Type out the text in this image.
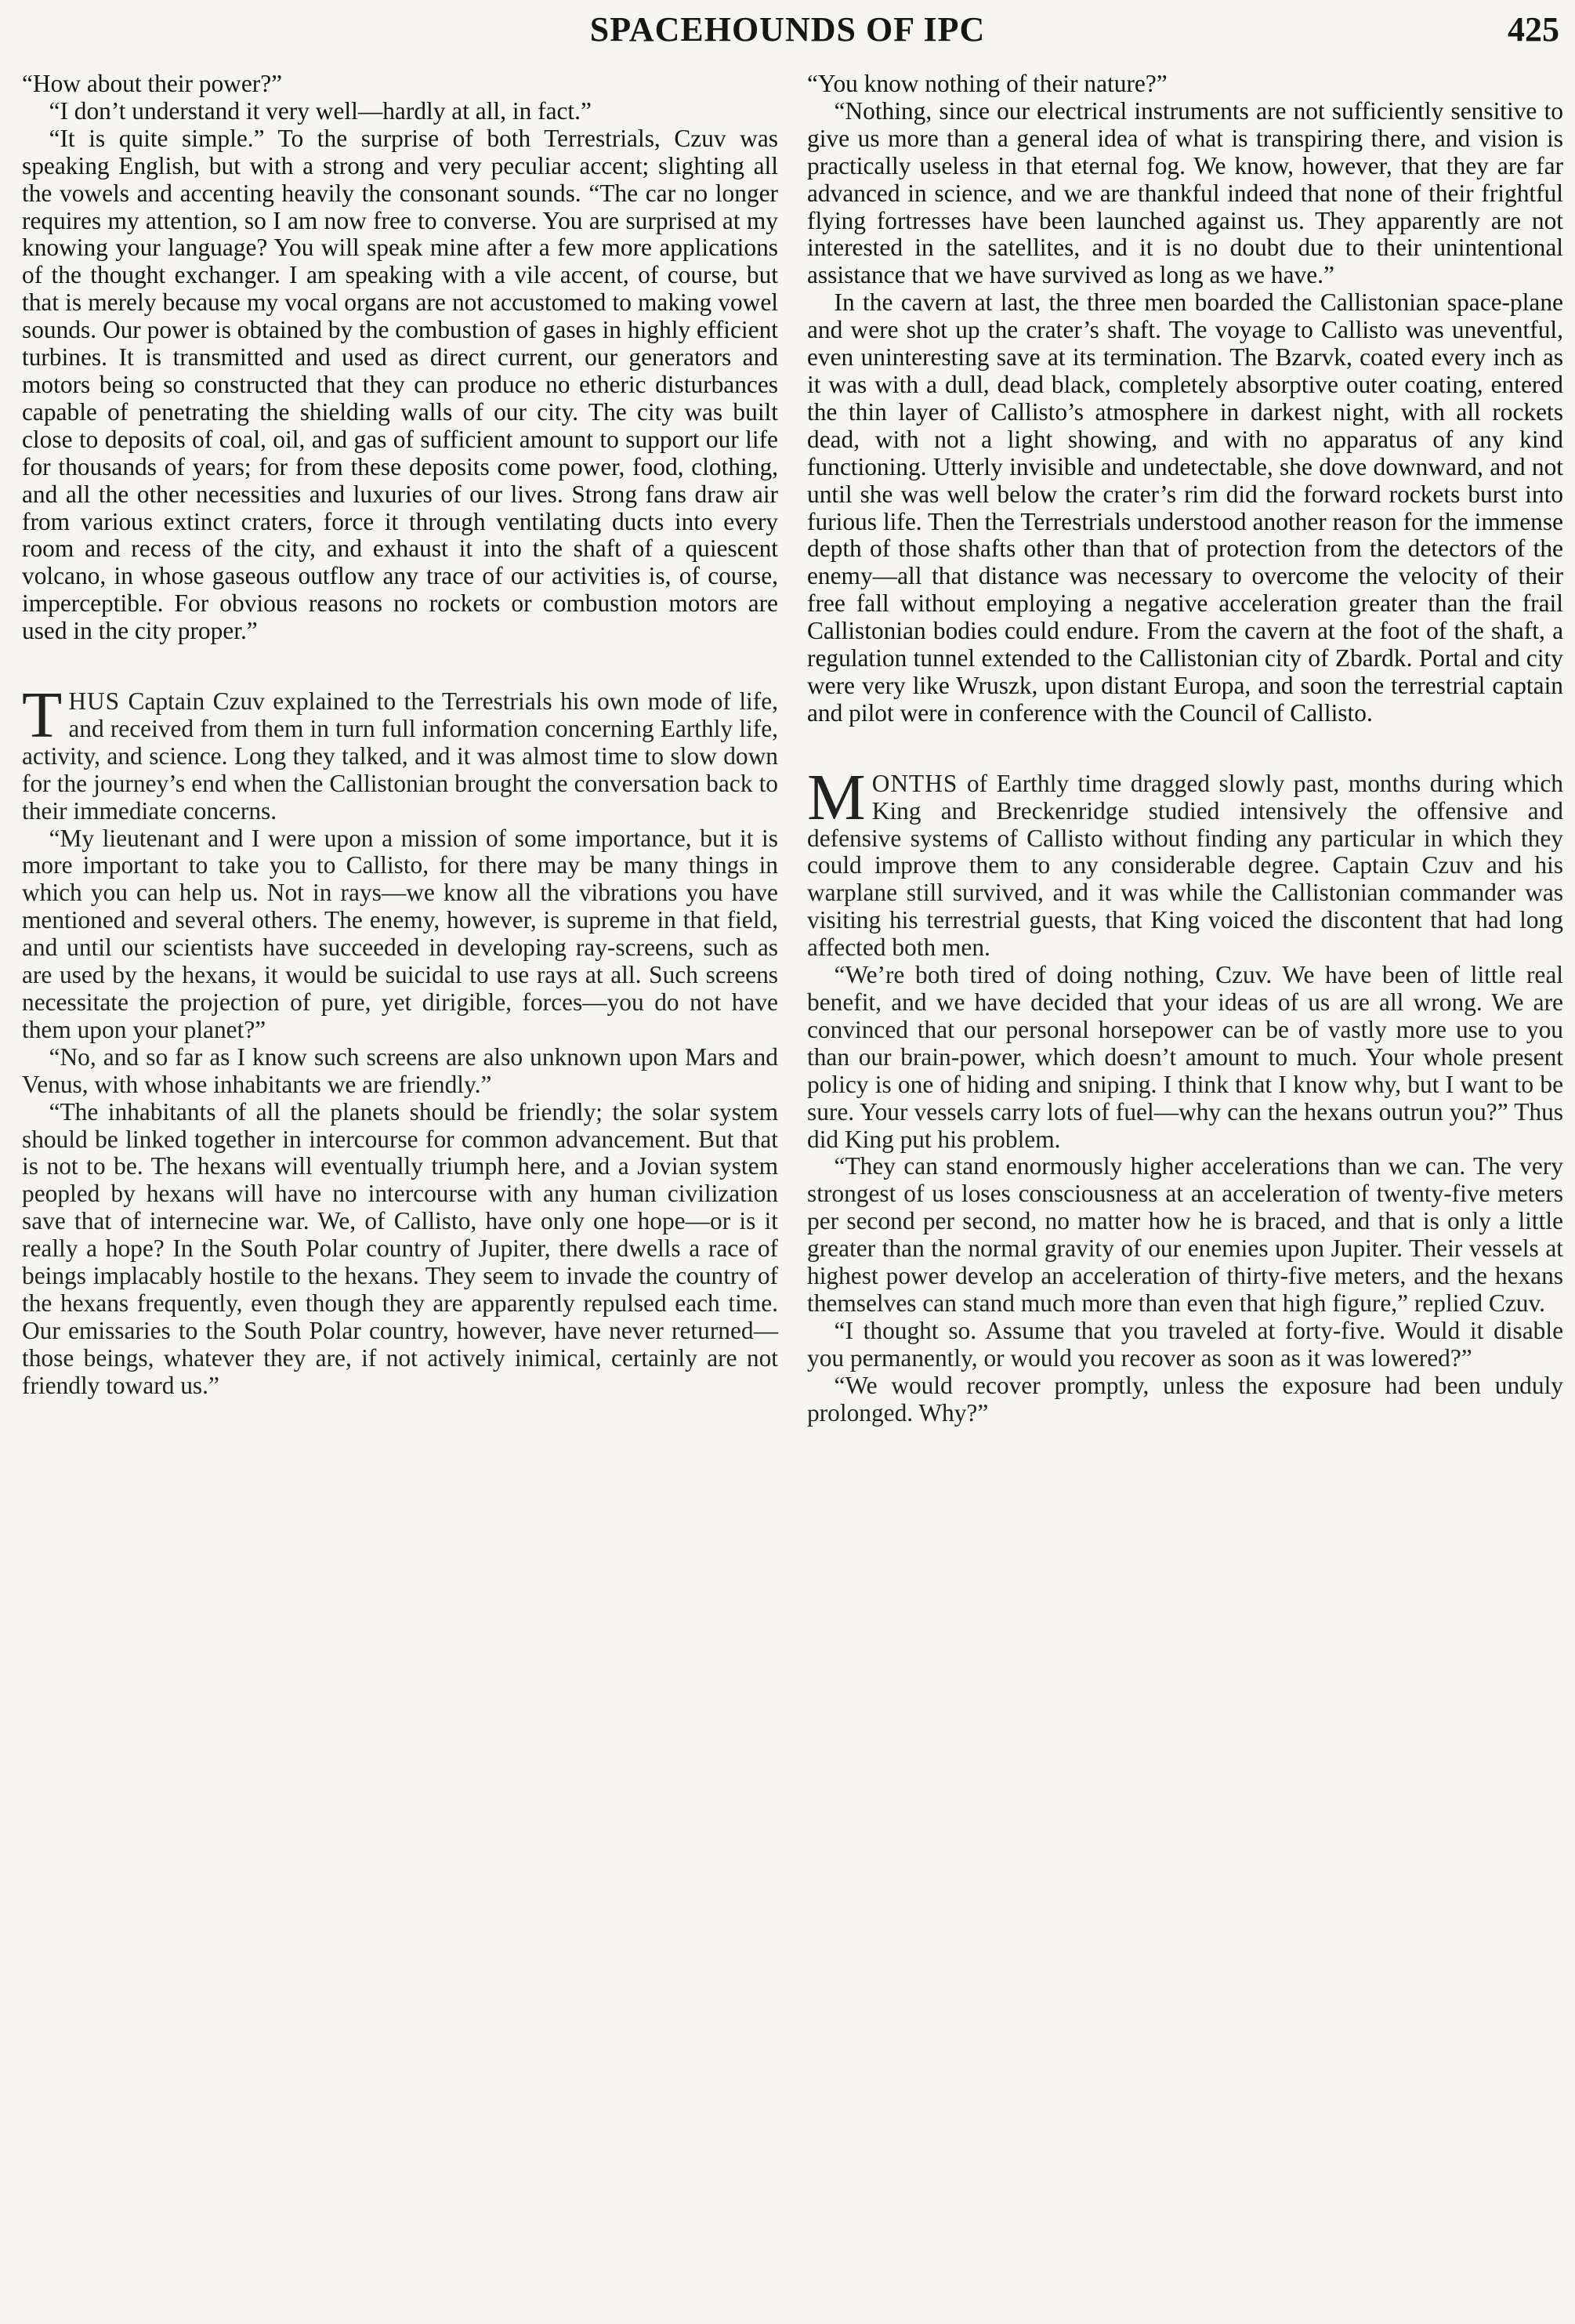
SPACEHOUNDS OF IPC	425

“How about their power?”

“I don’t understand it very well—hardly at all, in fact.”

“It is quite simple.” To the surprise of both Terrestrials, Czuv was speaking English, but with a strong and very peculiar accent; slighting all the vowels and accenting heavily the consonant sounds. “The car no longer requires my attention, so I am now free to converse. You are surprised at my knowing your language? You will speak mine after a few more applications of the thought exchanger. I am speaking with a vile accent, of course, but that is merely because my vocal organs are not accustomed to making vowel sounds. Our power is obtained by the combustion of gases in highly efficient turbines. It is transmitted and used as direct current, our generators and motors being so constructed that they can produce no etheric disturbances capable of penetrating the shielding walls of our city. The city was built close to deposits of coal, oil, and gas of sufficient amount to support our life for thousands of years; for from these deposits come power, food, clothing, and all the other necessities and luxuries of our lives. Strong fans draw air from various extinct craters, force it through ventilating ducts into every room and recess of the city, and exhaust it into the shaft of a quiescent volcano, in whose gaseous outflow any trace of our activities is, of course, imperceptible. For obvious reasons no rockets or combustion motors are used in the city proper.”

THUS Captain Czuv explained to the Terrestrials his own mode of life, and received from them in turn full information concerning Earthly life, activity, and science. Long they talked, and it was almost time to slow down for the journey’s end when the Callistonian brought the conversation back to their immediate concerns.

“My lieutenant and I were upon a mission of some importance, but it is more important to take you to Callisto, for there may be many things in which you can help us. Not in rays—we know all the vibrations you have mentioned and several others. The enemy, however, is supreme in that field, and until our scientists have succeeded in developing ray-screens, such as are used by the hexans, it would be suicidal to use rays at all. Such screens necessitate the projection of pure, yet dirigible, forces—you do not have them upon your planet?”

“No, and so far as I know such screens are also unknown upon Mars and Venus, with whose inhabitants we are friendly.”

“The inhabitants of all the planets should be friendly; the solar system should be linked together in intercourse for common advancement. But that is not to be. The hexans will eventually triumph here, and a Jovian system peopled by hexans will have no intercourse with any human civilization save that of internecine war. We, of Callisto, have only one hope—or is it really a hope? In the South Polar country of Jupiter, there dwells a race of beings implacably hostile to the hexans. They seem to invade the country of the hexans frequently, even though they are apparently repulsed each time. Our emissaries to the South Polar country, however, have never returned—those beings, whatever they are, if not actively inimical, certainly are not friendly toward us.”

“You know nothing of their nature?”

“Nothing, since our electrical instruments are not sufficiently sensitive to give us more than a general idea of what is transpiring there, and vision is practically useless in that eternal fog. We know, however, that they are far advanced in science, and we are thankful indeed that none of their frightful flying fortresses have been launched against us. They apparently are not interested in the satellites, and it is no doubt due to their unintentional assistance that we have survived as long as we have.”

In the cavern at last, the three men boarded the Callistonian space-plane and were shot up the crater’s shaft. The voyage to Callisto was uneventful, even uninteresting save at its termination. The Bzarvk, coated every inch as it was with a dull, dead black, completely absorptive outer coating, entered the thin layer of Callisto’s atmosphere in darkest night, with all rockets dead, with not a light showing, and with no apparatus of any kind functioning. Utterly invisible and undetectable, she dove downward, and not until she was well below the crater’s rim did the forward rockets burst into furious life. Then the Terrestrials understood another reason for the immense depth of those shafts other than that of protection from the detectors of the enemy—all that distance was necessary to overcome the velocity of their free fall without employing a negative acceleration greater than the frail Callistonian bodies could endure. From the cavern at the foot of the shaft, a regulation tunnel extended to the Callistonian city of Zbardk. Portal and city were very like Wruszk, upon distant Europa, and soon the terrestrial captain and pilot were in conference with the Council of Callisto.

MONTHS of Earthly time dragged slowly past, months during which King and Breckenridge studied intensively the offensive and defensive systems of Callisto without finding any particular in which they could improve them to any considerable degree. Captain Czuv and his warplane still survived, and it was while the Callistonian commander was visiting his terrestrial guests, that King voiced the discontent that had long affected both men.

“We’re both tired of doing nothing, Czuv. We have been of little real benefit, and we have decided that your ideas of us are all wrong. We are convinced that our personal horsepower can be of vastly more use to you than our brain-power, which doesn’t amount to much. Your whole present policy is one of hiding and sniping. I think that I know why, but I want to be sure. Your vessels carry lots of fuel—why can the hexans outrun you?” Thus did King put his problem.

“They can stand enormously higher accelerations than we can. The very strongest of us loses consciousness at an acceleration of twenty-five meters per second per second, no matter how he is braced, and that is only a little greater than the normal gravity of our enemies upon Jupiter. Their vessels at highest power develop an acceleration of thirty-five meters, and the hexans themselves can stand much more than even that high figure,” replied Czuv.

“I thought so. Assume that you traveled at forty-five. Would it disable you permanently, or would you recover as soon as it was lowered?”

“We would recover promptly, unless the exposure had been unduly prolonged. Why?”
